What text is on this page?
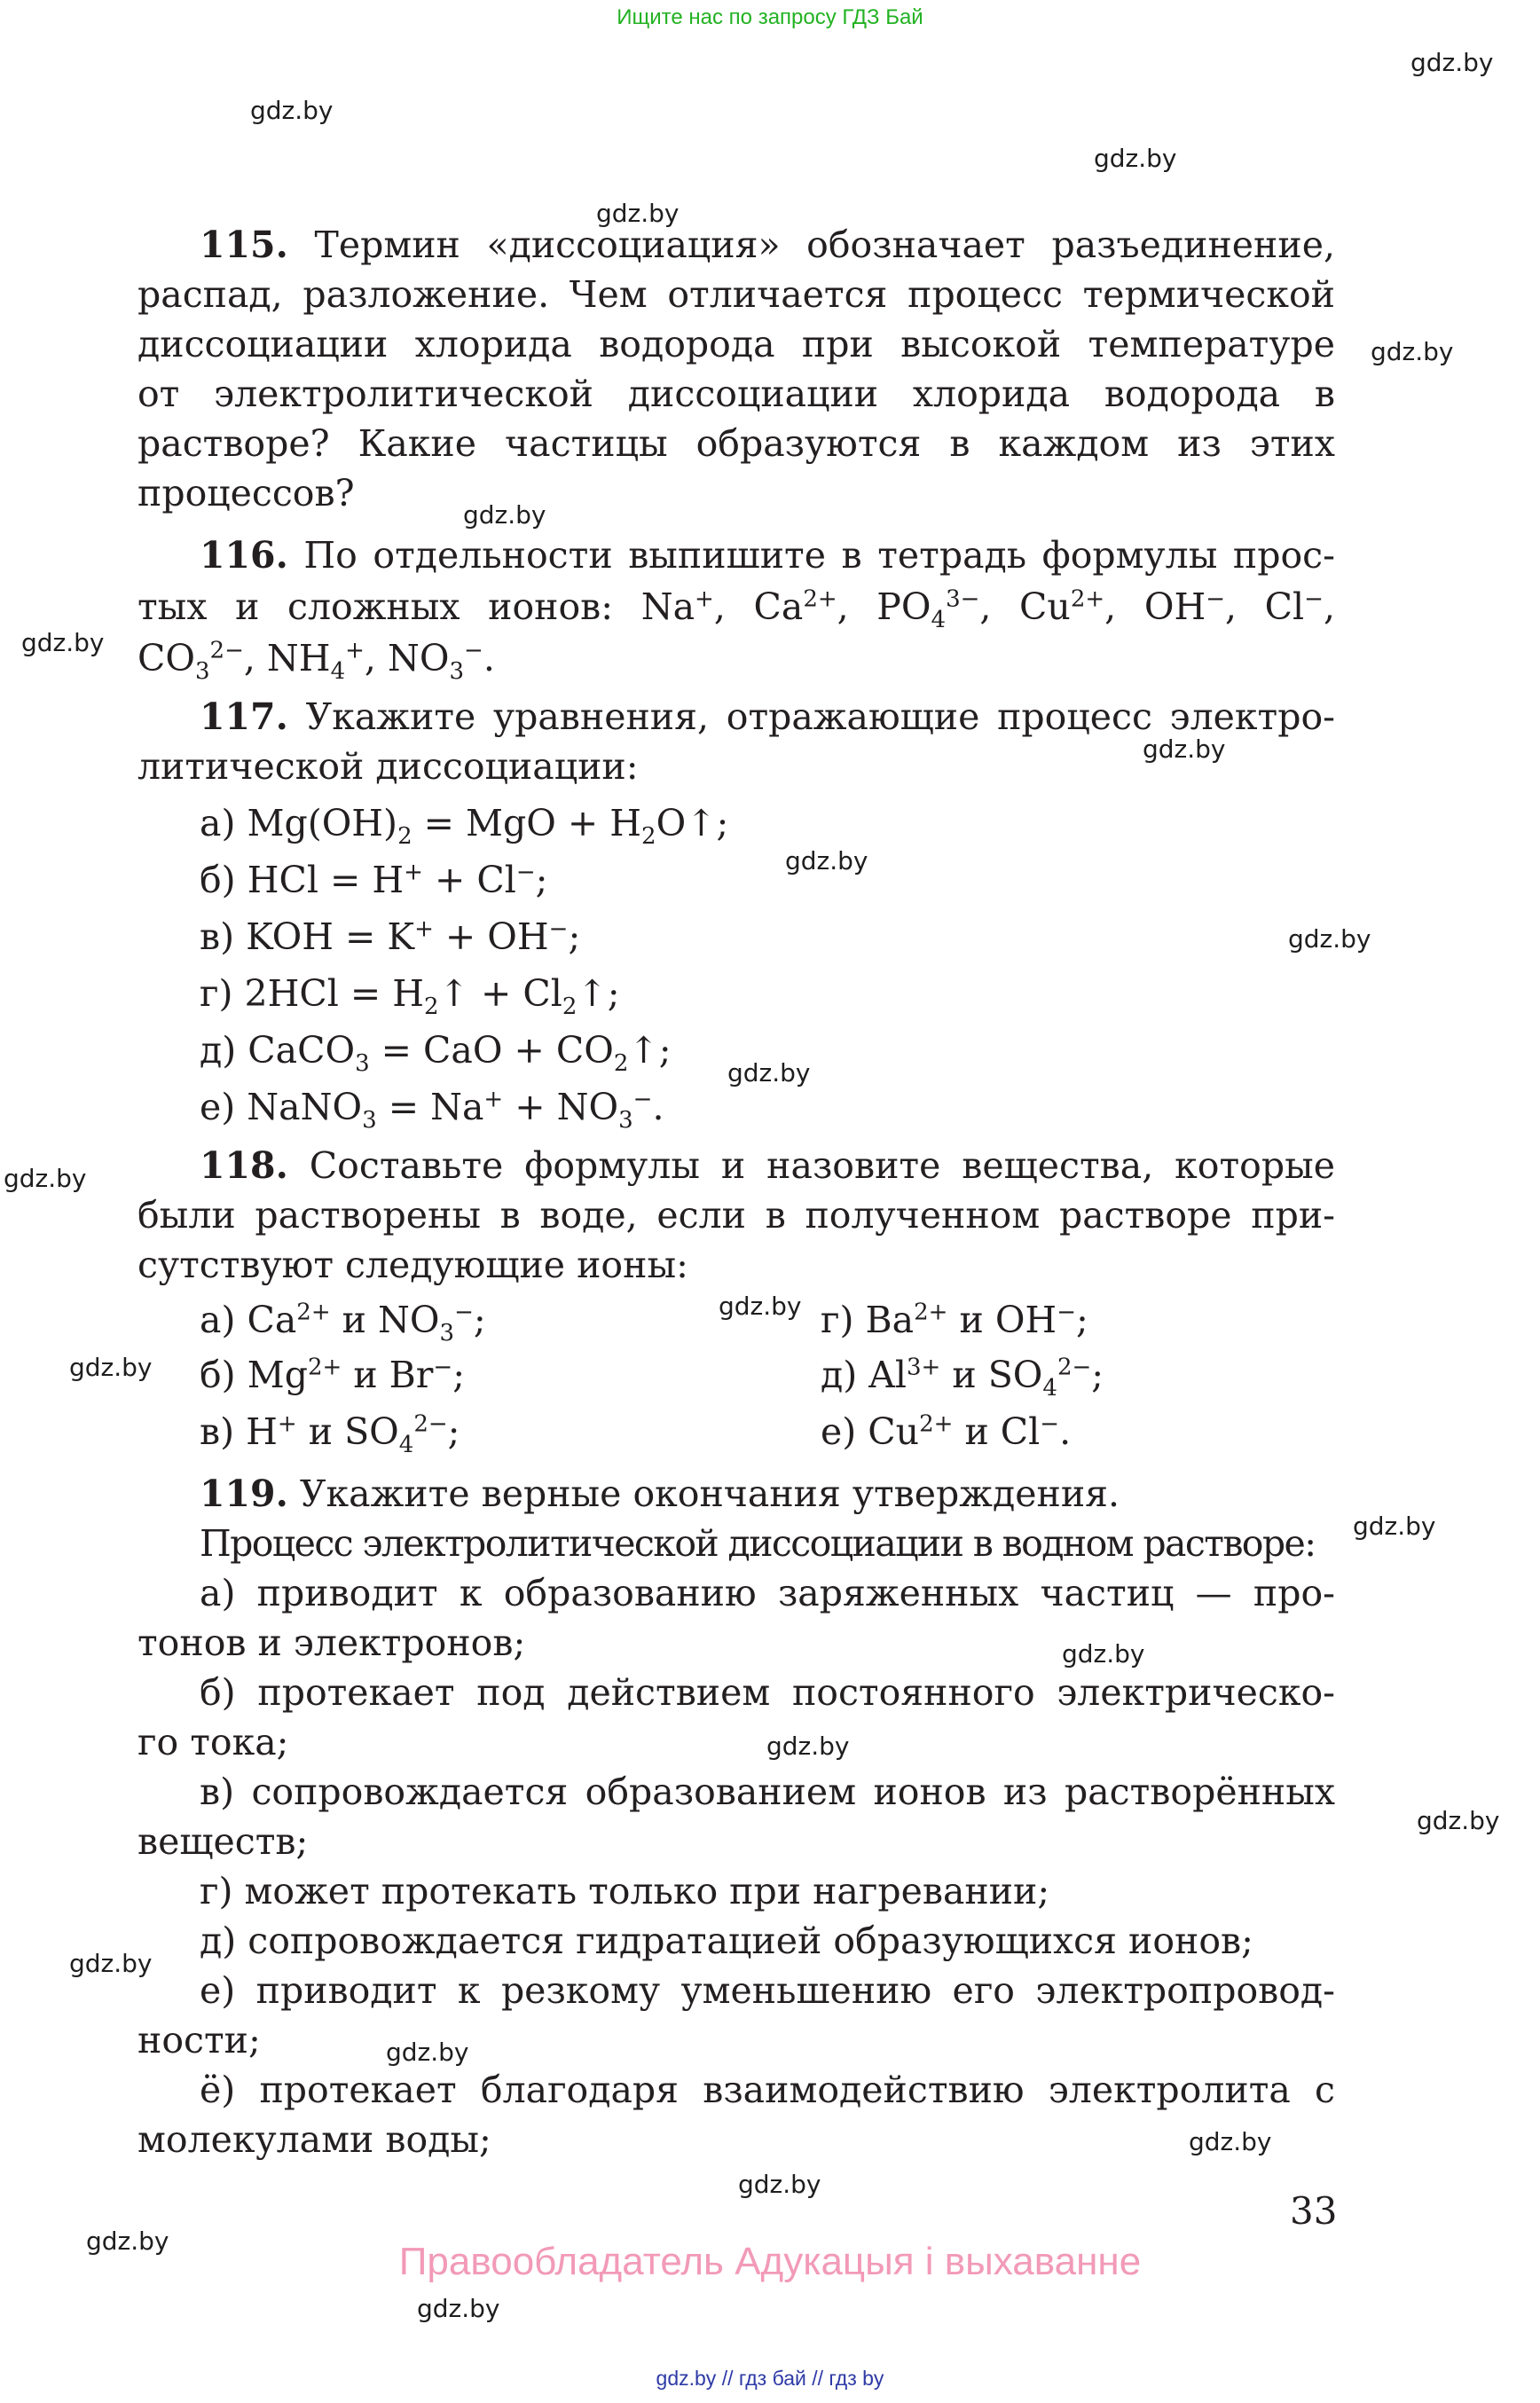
Ищите нас по запросу ГДЗ Бай
gdz.by
gdz.by
gdz.by
gdz.by
gdz.by
gdz.by
gdz.by
gdz.by
gdz.by
gdz.by
gdz.by
gdz.by
gdz.by
gdz.by
gdz.by
gdz.by
gdz.by
gdz.by
gdz.by
gdz.by
gdz.by
gdz.by
gdz.by
gdz.by
115. Термин «диссоциация» обозначает разъединение,
распад, разложение. Чем отличается процесс термической
диссоциации хлорида водорода при высокой температуре
от электролитической диссоциации хлорида водорода в
растворе? Какие частицы образуются в каждом из этих
процессов?
116. По отдельности выпишите в тетрадь формулы прос-
тых и сложных ионов: Na+, $Ca^{2+}$, $PO_4^{3-}$, $Cu^{2+}$, OH−, Cl−,
$CO_3^{2-}$, $NH_4^+$, $NO_3^-$.
117. Укажите уравнения, отражающие процесс электро-
литической диссоциации:
а) $Mg(OH)_2$ = MgO + $H_2O↑$;
б) HCl = H+ + Cl−;
в) KOH = K+ + OH−;
г) $2HCl = H_2↑$ + $Cl_2↑$;
д) CaCO$_3$ = CaO + $CO_2↑$;
е) NaNO$_3$ = $Na^+ + NO_3^-$.
118. Составьте формулы и назовите вещества, которые
были растворены в воде, если в полученном растворе при-
сутствуют следующие ионы:
а) $Ca^{2+}$ и $NO_3^-$;	г) $Ba^{2+}$ и OH−;
б) $Mg^{2+}$ и Br−;	д) $Al^{3+}$ и $SO_4^{2-}$;
в) H+ и $SO_4^{2-}$;	е) $Cu^{2+}$ и Cl−.
119. Укажите верные окончания утверждения.
Процесс электролитической диссоциации в водном растворе:
а) приводит к образованию заряженных частиц — про-
тонов и электронов;
б) протекает под действием постоянного электрическо-
го тока;
в) сопровождается образованием ионов из растворённых
веществ;
г) может протекать только при нагревании;
д) сопровождается гидратацией образующихся ионов;
е) приводит к резкому уменьшению его электропровод-
ности;
ё) протекает благодаря взаимодействию электролита с
молекулами воды;
33
Правообладатель Адукацыя і выхаванне
gdz.by // гдз бай // гдз by
